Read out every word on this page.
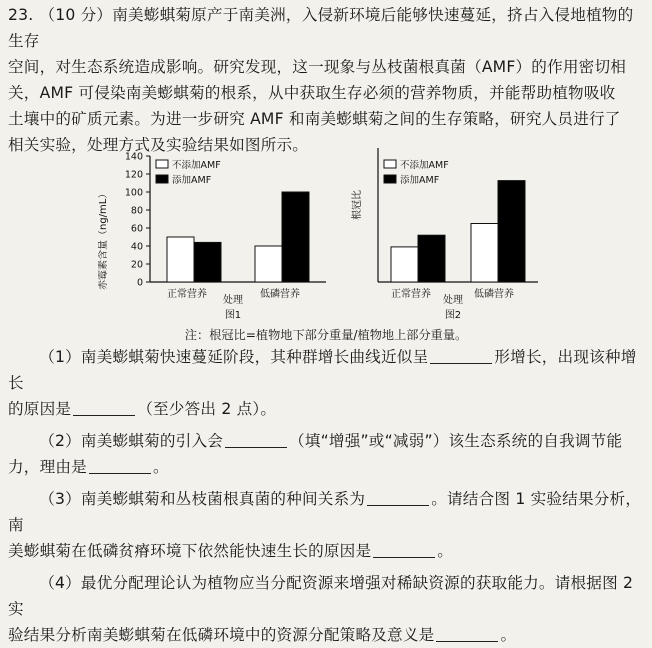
23. （10 分）南美蟛蜞菊原产于南美洲，入侵新环境后能够快速蔓延，挤占入侵地植物的生存
空间，对生态系统造成影响。研究发现，这一现象与丛枝菌根真菌（AMF）的作用密切相
关，AMF 可侵染南美蟛蜞菊的根系，从中获取生存必须的营养物质，并能帮助植物吸收
土壤中的矿质元素。为进一步研究 AMF 和南美蟛蜞菊之间的生存策略，研究人员进行了
相关实验，处理方式及实验结果如图所示。
赤霉素含量（ng/mL）	0
20
40
60
80
100
120
140
不添加AMF
添加AMF
正常营养	低磷营养
处理
图1
根冠比
不添加AMF
添加AMF
正常营养	低磷营养
处理
图2
注：根冠比=植物地下部分重量/植物地上部分重量。
（1）南美蟛蜞菊快速蔓延阶段，其种群增长曲线近似呈	形增长，出现该种增长
的原因是	（至少答出 2 点）。
（2）南美蟛蜞菊的引入会	（填“增强”或“减弱”）该生态系统的自我调节能
力，理由是	。
（3）南美蟛蜞菊和丛枝菌根真菌的种间关系为	。请结合图 1 实验结果分析，南
美蟛蜞菊在低磷贫瘠环境下依然能快速生长的原因是	。
（4）最优分配理论认为植物应当分配资源来增强对稀缺资源的获取能力。请根据图 2 实
验结果分析南美蟛蜞菊在低磷环境中的资源分配策略及意义是	。
